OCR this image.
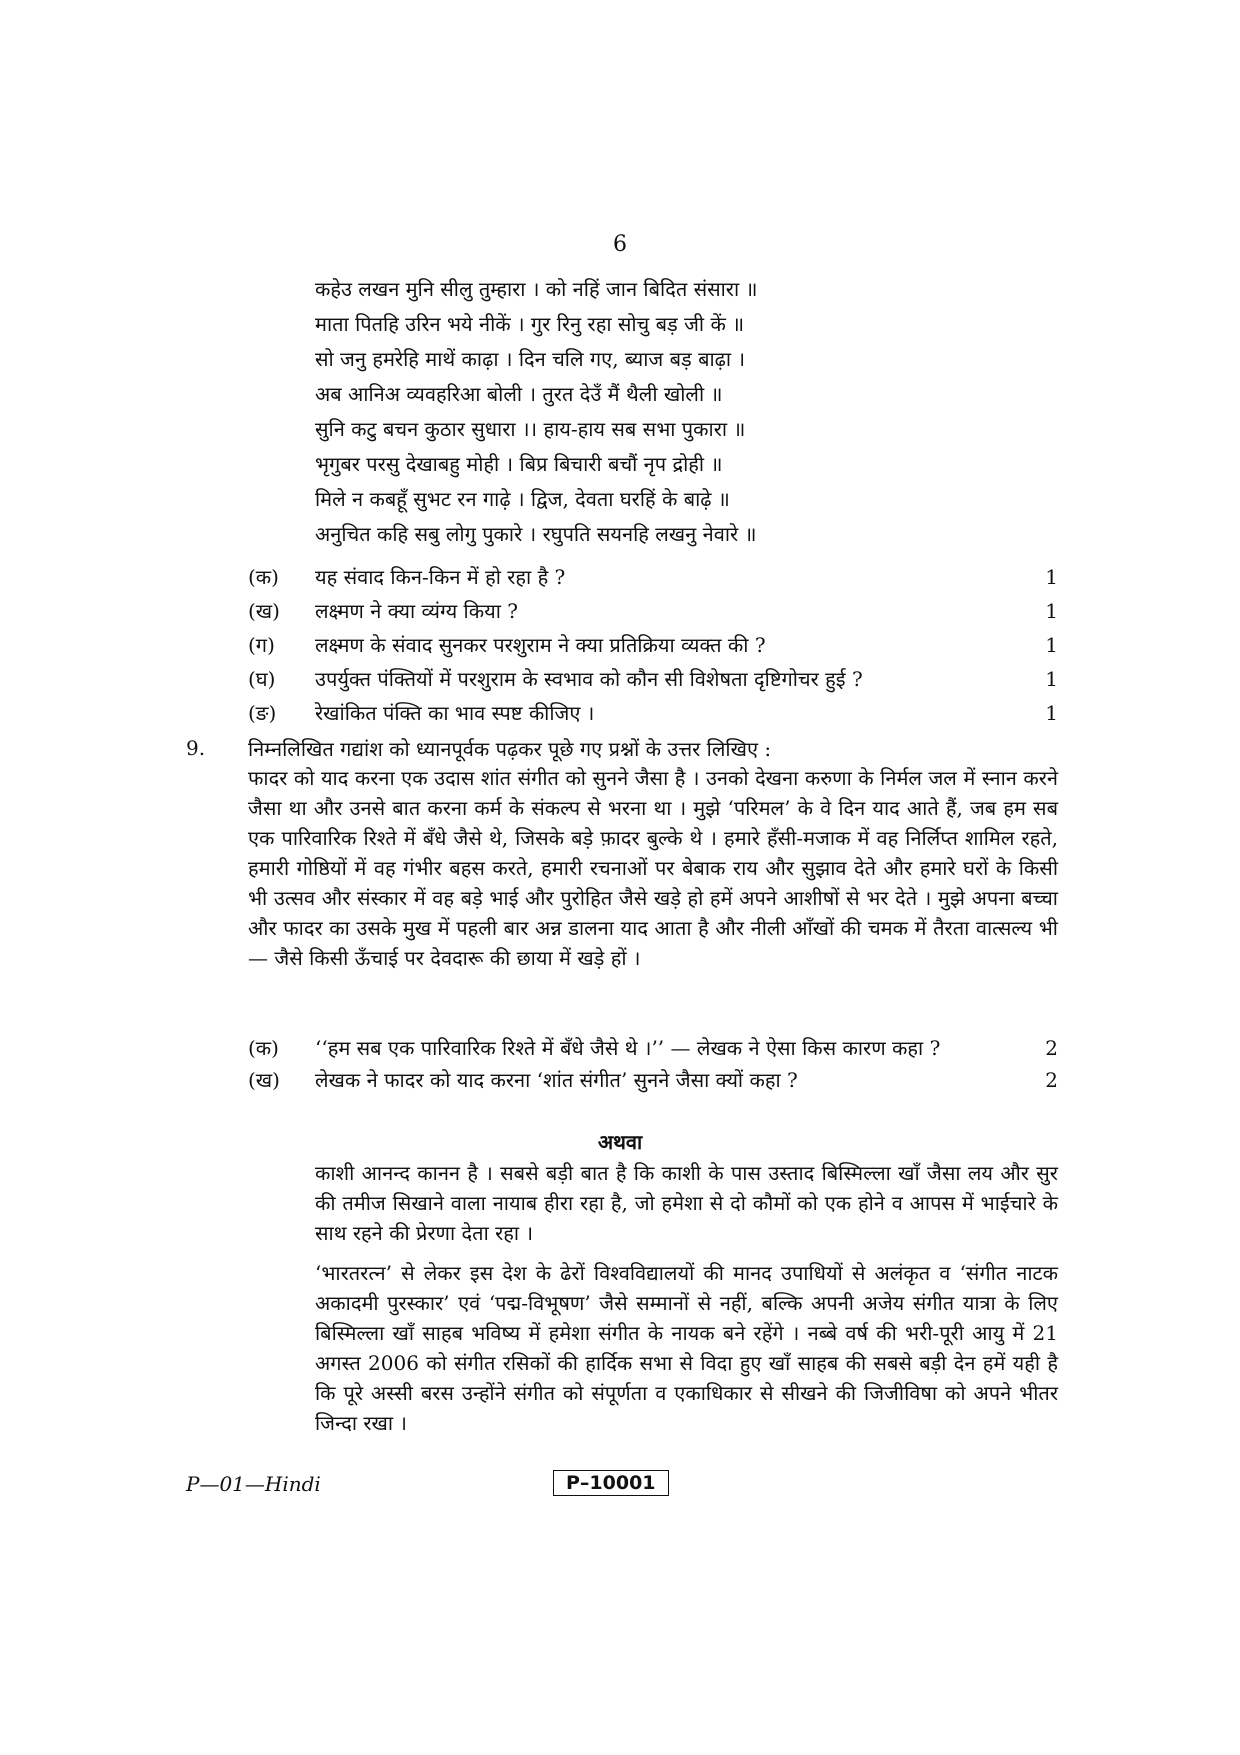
6
कहेउ लखन मुनि सीलु तुम्हारा । को नहिं जान बिदित संसारा ॥
माता पितहि उरिन भये नीकें । गुर रिनु रहा सोचु बड़ जी कें ॥
सो जनु हमरेहि माथें काढ़ा । दिन चलि गए, ब्याज बड़ बाढ़ा ।
अब आनिअ व्यवहरिआ बोली । तुरत देउँ मैं थैली खोली ॥
सुनि कटु बचन कुठार सुधारा ।। हाय-हाय सब सभा पुकारा ॥
भृगुबर परसु देखाबहु मोही । बिप्र बिचारी बचौं नृप द्रोही ॥
मिले न कबहूँ सुभट रन गाढ़े । द्विज, देवता घरहिं के बाढ़े ॥
अनुचित कहि सबु लोगु पुकारे । रघुपति सयनहि लखनु नेवारे ॥
(क)	यह संवाद किन-किन में हो रहा है ?	1
(ख)	लक्ष्मण ने क्या व्यंग्य किया ?	1
(ग)	लक्ष्मण के संवाद सुनकर परशुराम ने क्या प्रतिक्रिया व्यक्त की ?	1
(घ)	उपर्युक्त पंक्तियों में परशुराम के स्वभाव को कौन सी विशेषता दृष्टिगोचर हुई ?	1
(ङ)	रेखांकित पंक्ति का भाव स्पष्ट कीजिए ।	1
9. निम्नलिखित गद्यांश को ध्यानपूर्वक पढ़कर पूछे गए प्रश्नों के उत्तर लिखिए :
फादर को याद करना एक उदास शांत संगीत को सुनने जैसा है । उनको देखना करुणा के निर्मल जल में स्नान करने जैसा था और उनसे बात करना कर्म के संकल्प से भरना था । मुझे ‘परिमल’ के वे दिन याद आते हैं, जब हम सब एक पारिवारिक रिश्ते में बँधे जैसे थे, जिसके बड़े फ़ादर बुल्के थे । हमारे हँसी-मजाक में वह निर्लिप्त शामिल रहते, हमारी गोष्ठियों में वह गंभीर बहस करते, हमारी रचनाओं पर बेबाक राय और सुझाव देते और हमारे घरों के किसी भी उत्सव और संस्कार में वह बड़े भाई और पुरोहित जैसे खड़े हो हमें अपने आशीषों से भर देते । मुझे अपना बच्चा और फादर का उसके मुख में पहली बार अन्न डालना याद आता है और नीली आँखों की चमक में तैरता वात्सल्य भी — जैसे किसी ऊँचाई पर देवदारू की छाया में खड़े हों ।
(क)	‘‘हम सब एक पारिवारिक रिश्ते में बँधे जैसे थे ।’’ — लेखक ने ऐसा किस कारण कहा ?	2
(ख)	लेखक ने फादर को याद करना ‘शांत संगीत’ सुनने जैसा क्यों कहा ?	2
अथवा
काशी आनन्द कानन है । सबसे बड़ी बात है कि काशी के पास उस्ताद बिस्मिल्ला खाँ जैसा लय और सुर की तमीज सिखाने वाला नायाब हीरा रहा है, जो हमेशा से दो कौमों को एक होने व आपस में भाईचारे के साथ रहने की प्रेरणा देता रहा ।
‘भारतरत्न’ से लेकर इस देश के ढेरों विश्वविद्यालयों की मानद उपाधियों से अलंकृत व ‘संगीत नाटक अकादमी पुरस्कार’ एवं ‘पद्म-विभूषण’ जैसे सम्मानों से नहीं, बल्कि अपनी अजेय संगीत यात्रा के लिए बिस्मिल्ला खाँ साहब भविष्य में हमेशा संगीत के नायक बने रहेंगे । नब्बे वर्ष की भरी-पूरी आयु में 21 अगस्त 2006 को संगीत रसिकों की हार्दिक सभा से विदा हुए खाँ साहब की सबसे बड़ी देन हमें यही है कि पूरे अस्सी बरस उन्होंने संगीत को संपूर्णता व एकाधिकार से सीखने की जिजीविषा को अपने भीतर जिन्दा रखा ।
P—01—Hindi	P–10001
